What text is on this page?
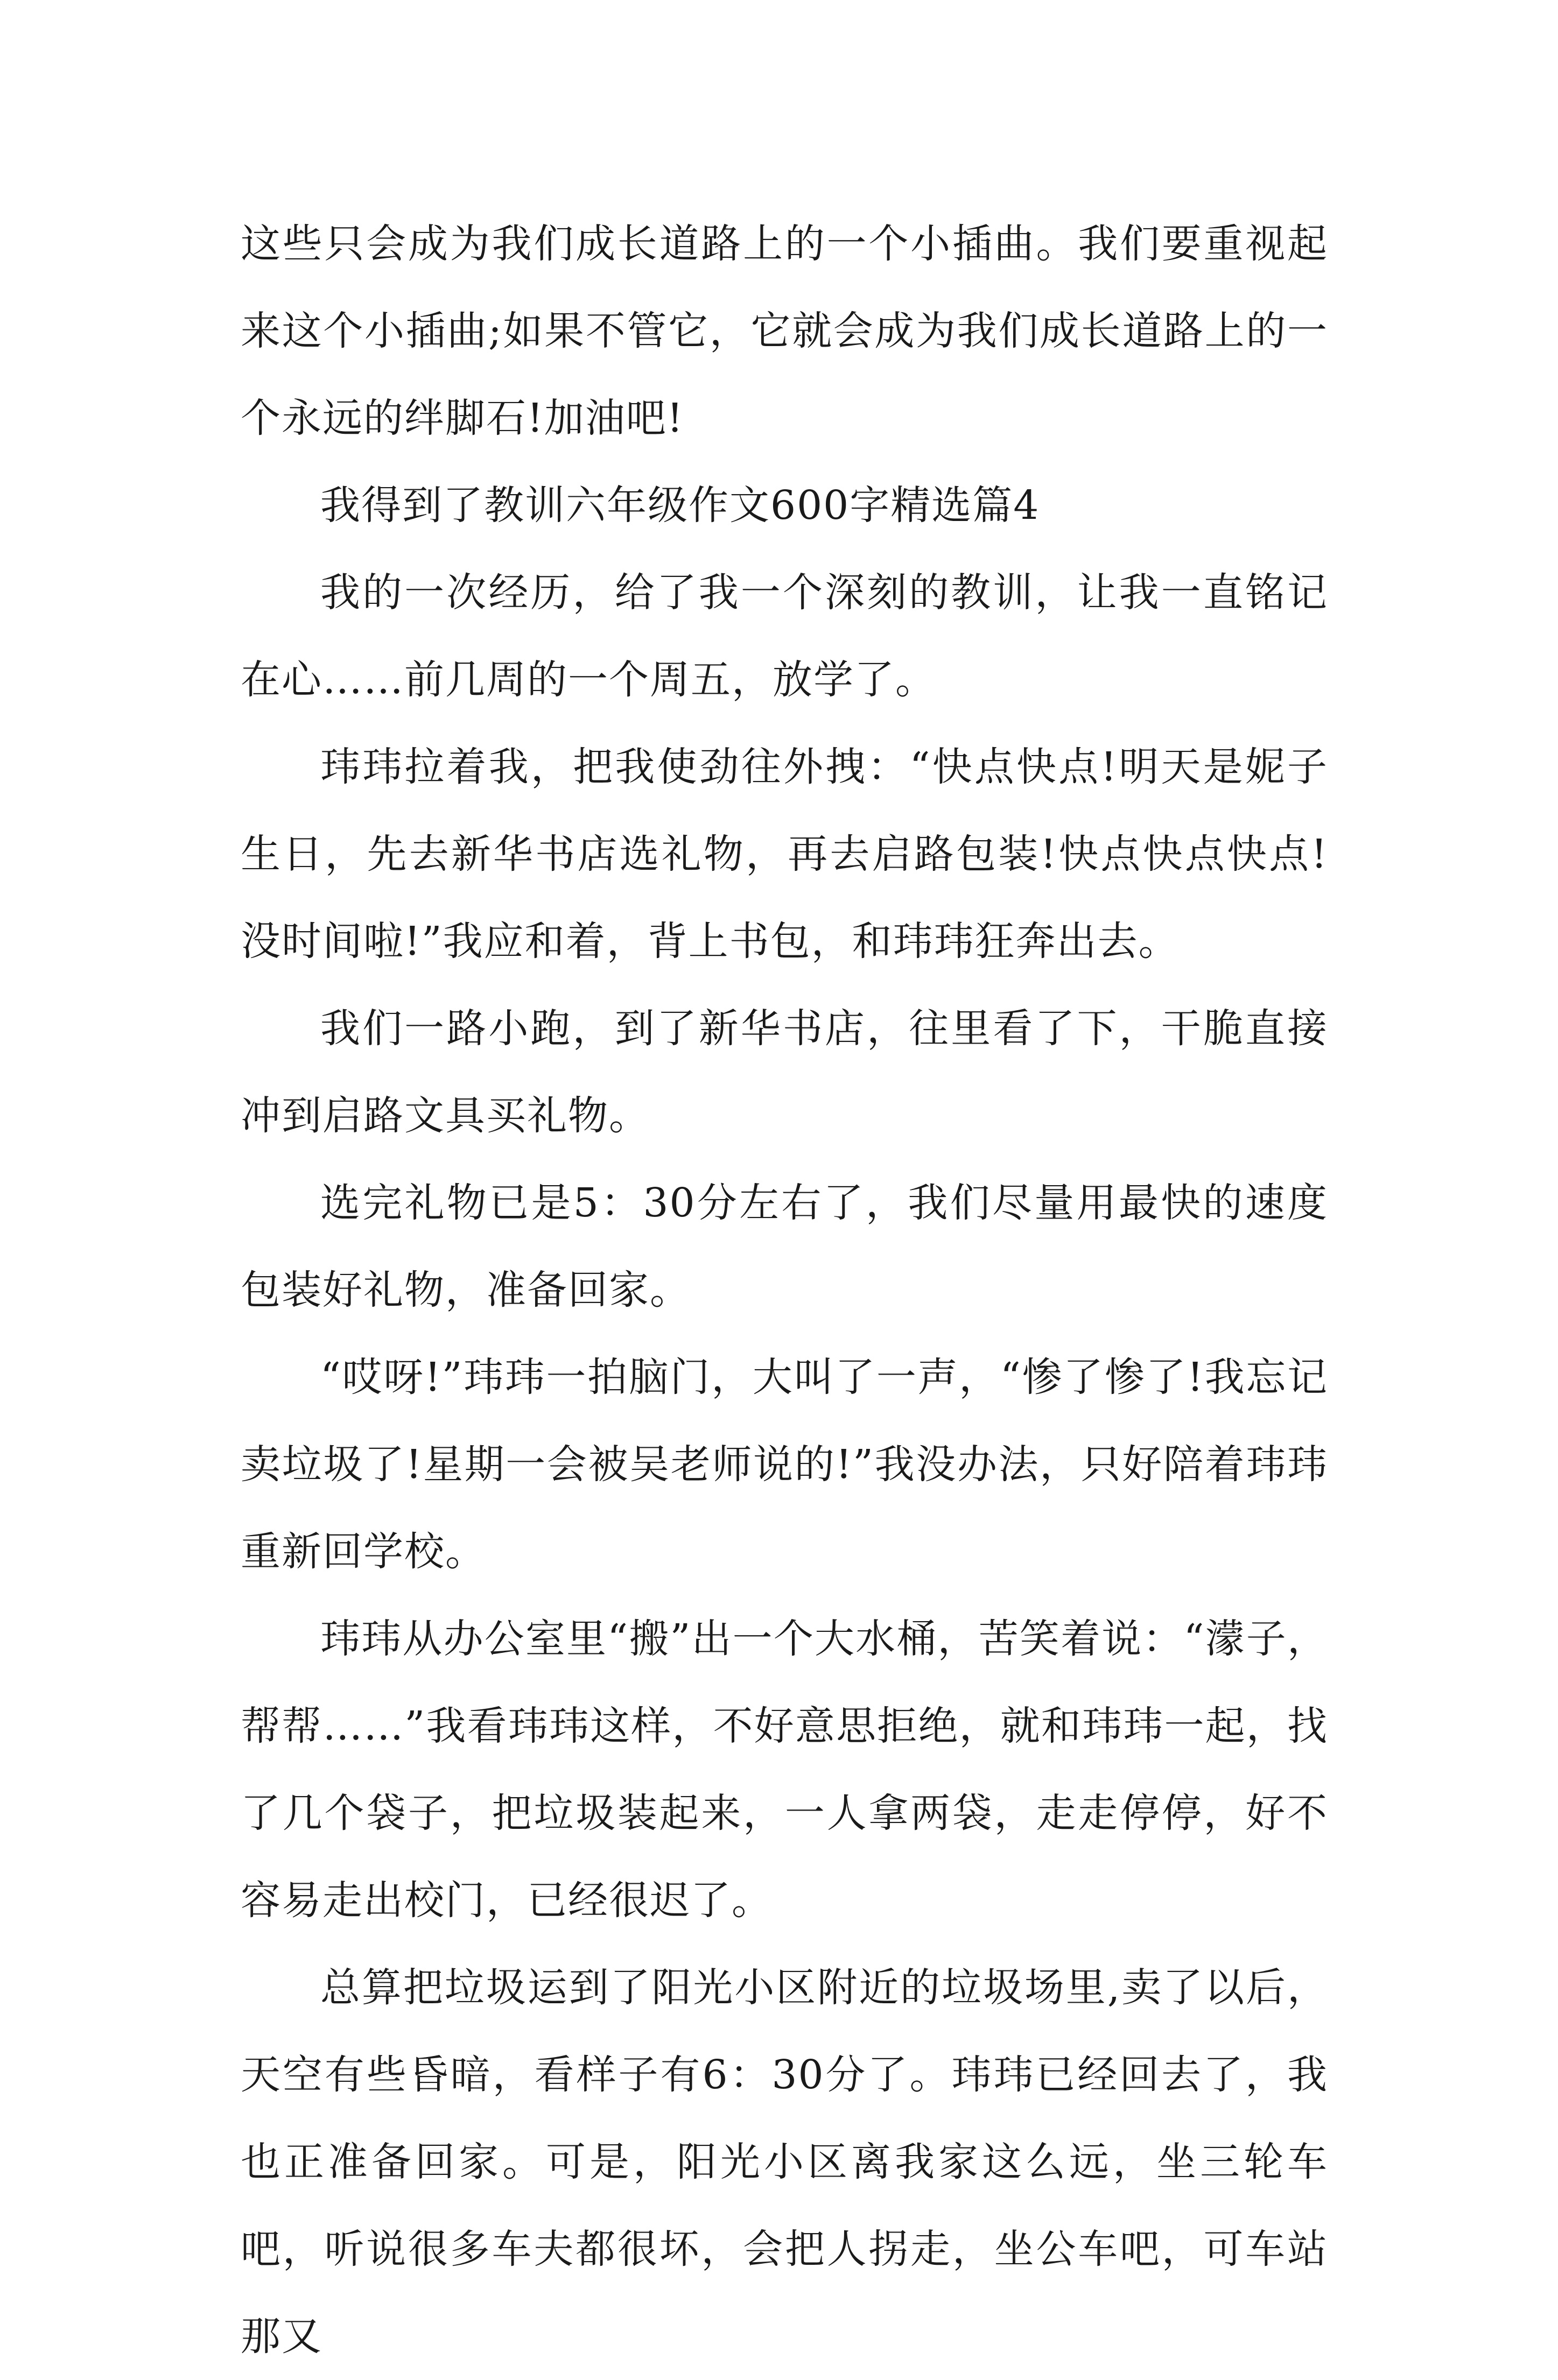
这些只会成为我们成长道路上的一个小插曲。我们要重视起来这个小插曲;如果不管它，它就会成为我们成长道路上的一个永远的绊脚石!加油吧!

我得到了教训六年级作文600字精选篇4

我的一次经历，给了我一个深刻的教训，让我一直铭记在心……前几周的一个周五，放学了。

玮玮拉着我，把我使劲往外拽：“快点快点!明天是妮子生日，先去新华书店选礼物，再去启路包装!快点快点快点!没时间啦!”我应和着，背上书包，和玮玮狂奔出去。

我们一路小跑，到了新华书店，往里看了下，干脆直接冲到启路文具买礼物。

选完礼物已是5：30分左右了，我们尽量用最快的速度包装好礼物，准备回家。

“哎呀!”玮玮一拍脑门，大叫了一声，“惨了惨了!我忘记卖垃圾了!星期一会被吴老师说的!”我没办法，只好陪着玮玮重新回学校。

玮玮从办公室里“搬”出一个大水桶，苦笑着说：“濛子，帮帮……”我看玮玮这样，不好意思拒绝，就和玮玮一起，找了几个袋子，把垃圾装起来，一人拿两袋，走走停停，好不容易走出校门，已经很迟了。

总算把垃圾运到了阳光小区附近的垃圾场里,卖了以后，天空有些昏暗，看样子有6：30分了。玮玮已经回去了，我也正准备回家。可是，阳光小区离我家这么远，坐三轮车吧，听说很多车夫都很坏，会把人拐走，坐公车吧，可车站那又
